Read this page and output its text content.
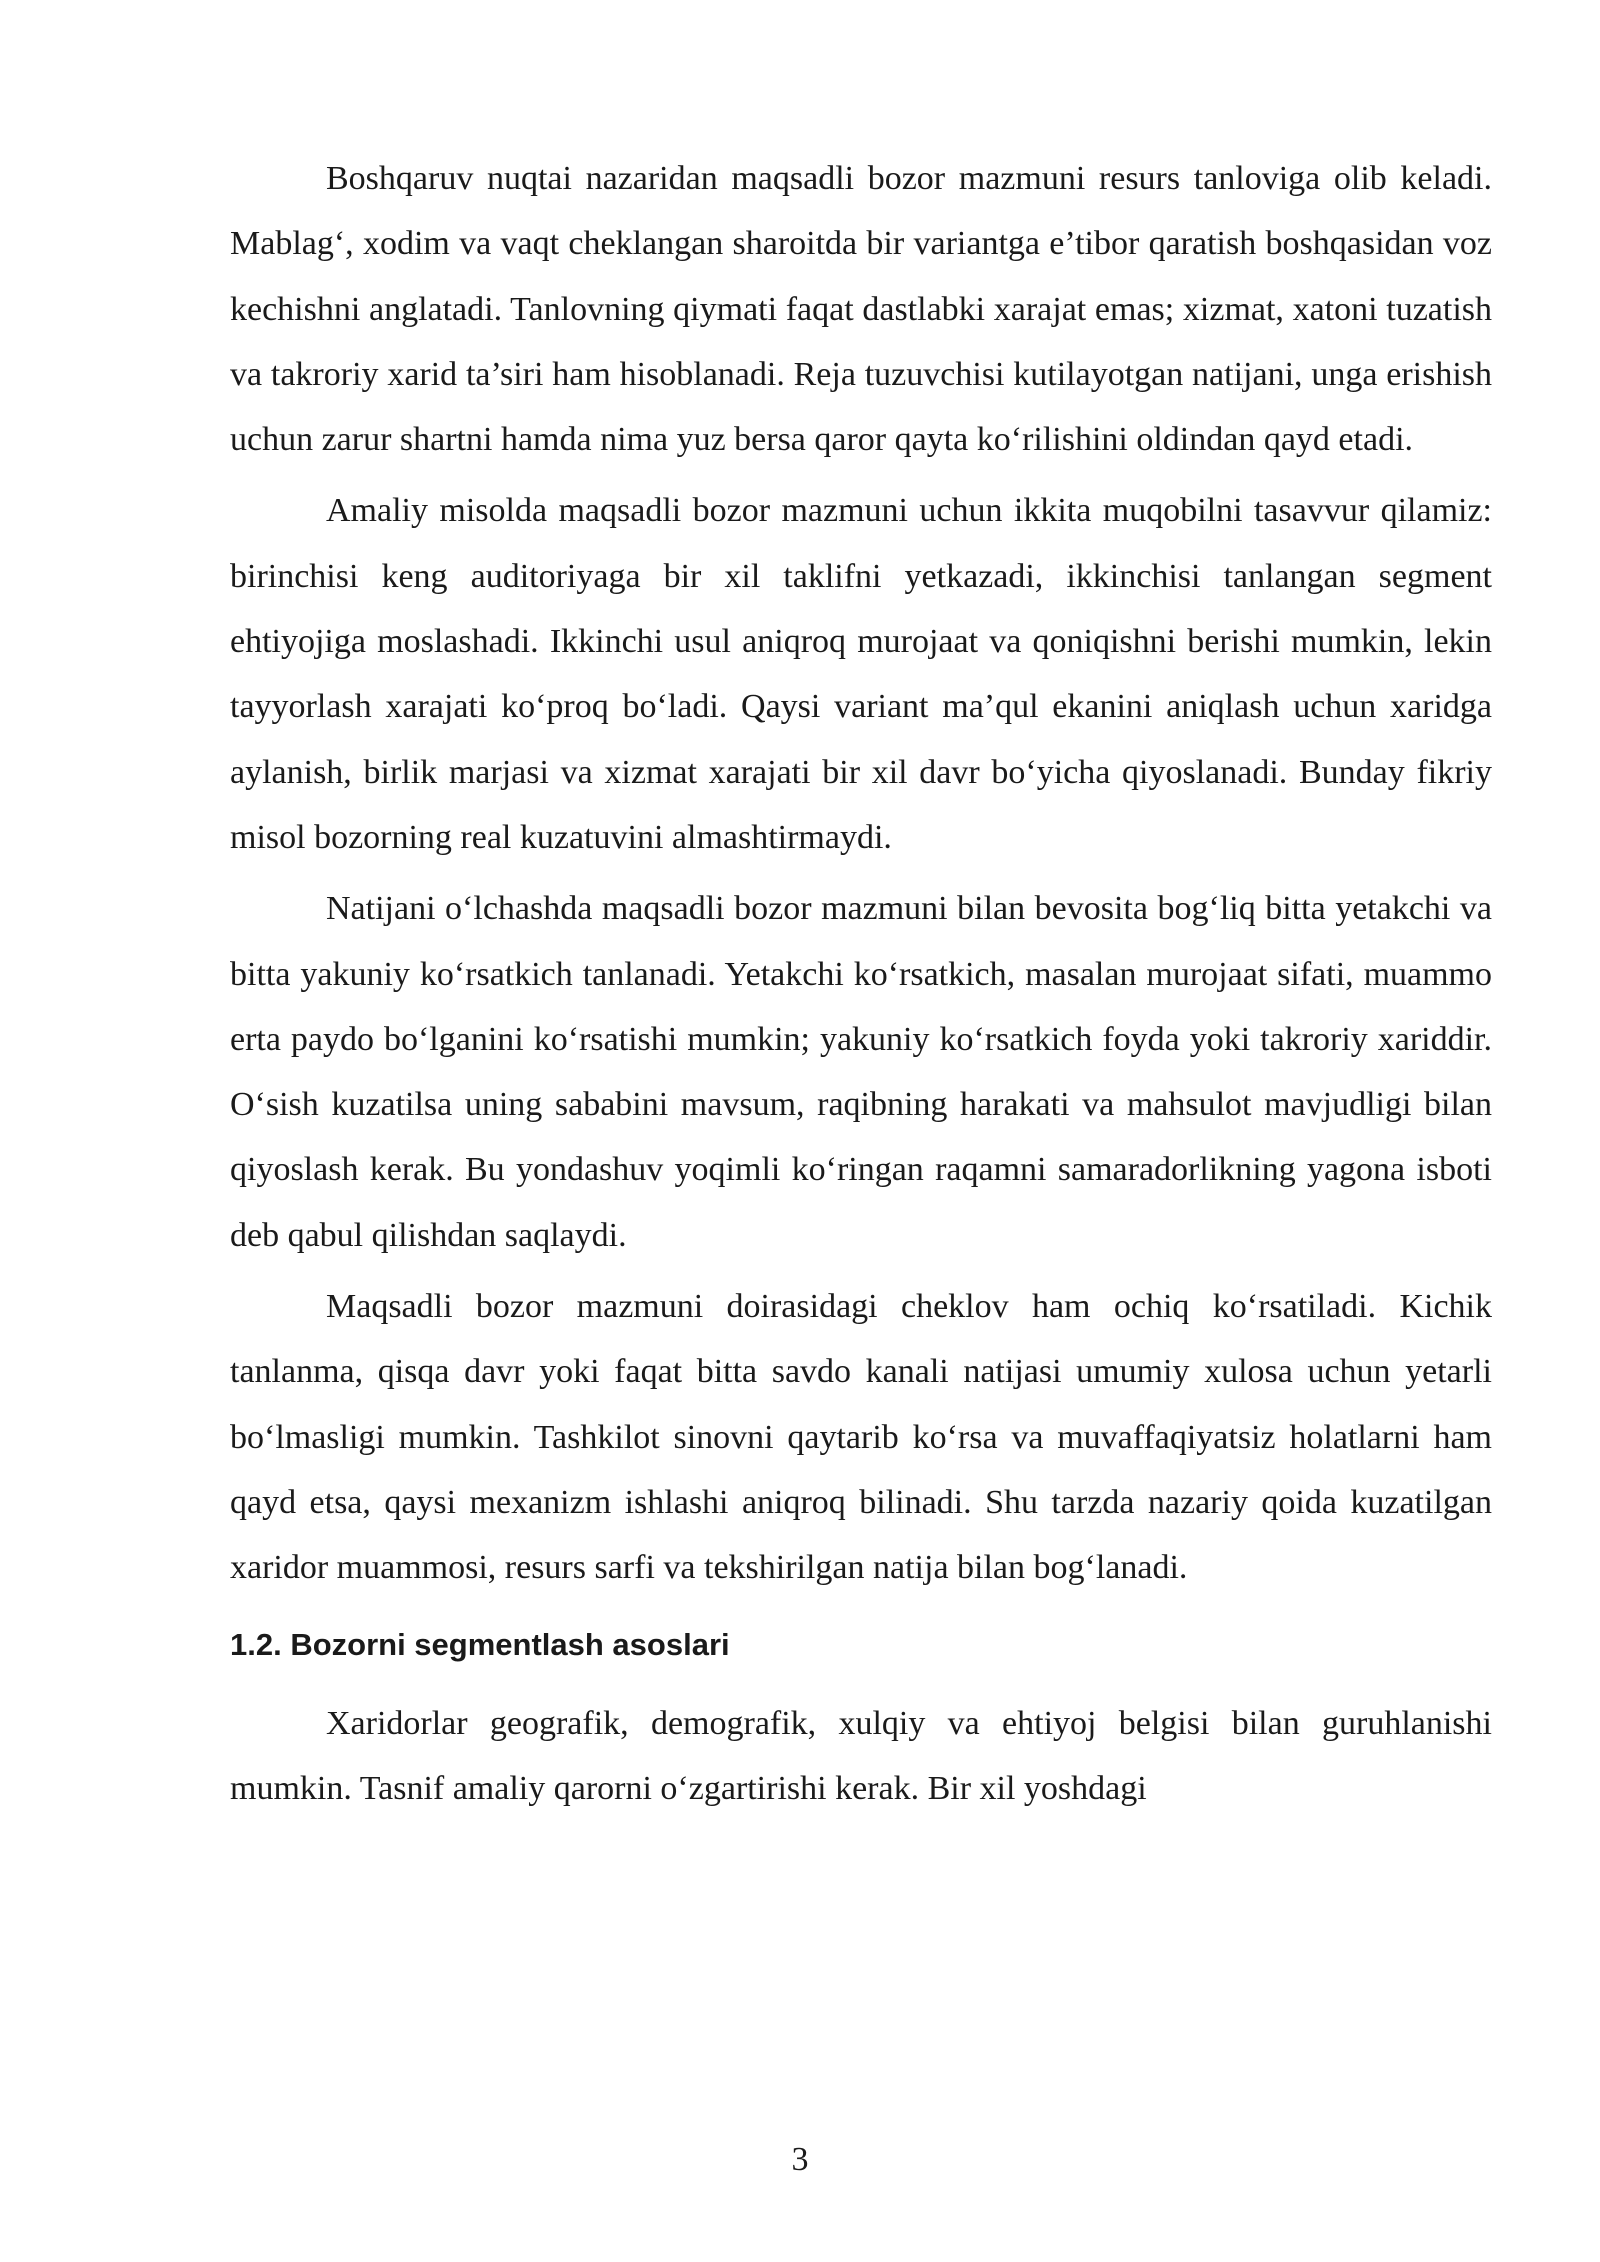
Boshqaruv nuqtai nazaridan maqsadli bozor mazmuni resurs tanloviga olib keladi. Mablag‘, xodim va vaqt cheklangan sharoitda bir variantga e’tibor qaratish boshqasidan voz kechishni anglatadi. Tanlovning qiymati faqat dastlabki xarajat emas; xizmat, xatoni tuzatish va takroriy xarid ta’siri ham hisoblanadi. Reja tuzuvchisi kutilayotgan natijani, unga erishish uchun zarur shartni hamda nima yuz bersa qaror qayta ko‘rilishini oldindan qayd etadi.

Amaliy misolda maqsadli bozor mazmuni uchun ikkita muqobilni tasavvur qilamiz: birinchisi keng auditoriyaga bir xil taklifni yetkazadi, ikkinchisi tanlangan segment ehtiyojiga moslashadi. Ikkinchi usul aniqroq murojaat va qoniqishni berishi mumkin, lekin tayyorlash xarajati ko‘proq bo‘ladi. Qaysi variant ma’qul ekanini aniqlash uchun xaridga aylanish, birlik marjasi va xizmat xarajati bir xil davr bo‘yicha qiyoslanadi. Bunday fikriy misol bozorning real kuzatuvini almashtirmaydi.

Natijani o‘lchashda maqsadli bozor mazmuni bilan bevosita bog‘liq bitta yetakchi va bitta yakuniy ko‘rsatkich tanlanadi. Yetakchi ko‘rsatkich, masalan murojaat sifati, muammo erta paydo bo‘lganini ko‘rsatishi mumkin; yakuniy ko‘rsatkich foyda yoki takroriy xariddir. O‘sish kuzatilsa uning sababini mavsum, raqibning harakati va mahsulot mavjudligi bilan qiyoslash kerak. Bu yondashuv yoqimli ko‘ringan raqamni samaradorlikning yagona isboti deb qabul qilishdan saqlaydi.

Maqsadli bozor mazmuni doirasidagi cheklov ham ochiq ko‘rsatiladi. Kichik tanlanma, qisqa davr yoki faqat bitta savdo kanali natijasi umumiy xulosa uchun yetarli bo‘lmasligi mumkin. Tashkilot sinovni qaytarib ko‘rsa va muvaffaqiyatsiz holatlarni ham qayd etsa, qaysi mexanizm ishlashi aniqroq bilinadi. Shu tarzda nazariy qoida kuzatilgan xaridor muammosi, resurs sarfi va tekshirilgan natija bilan bog‘lanadi.

1.2. Bozorni segmentlash asoslari

Xaridorlar geografik, demografik, xulqiy va ehtiyoj belgisi bilan guruhlanishi mumkin. Tasnif amaliy qarorni o‘zgartirishi kerak. Bir xil yoshdagi

3
